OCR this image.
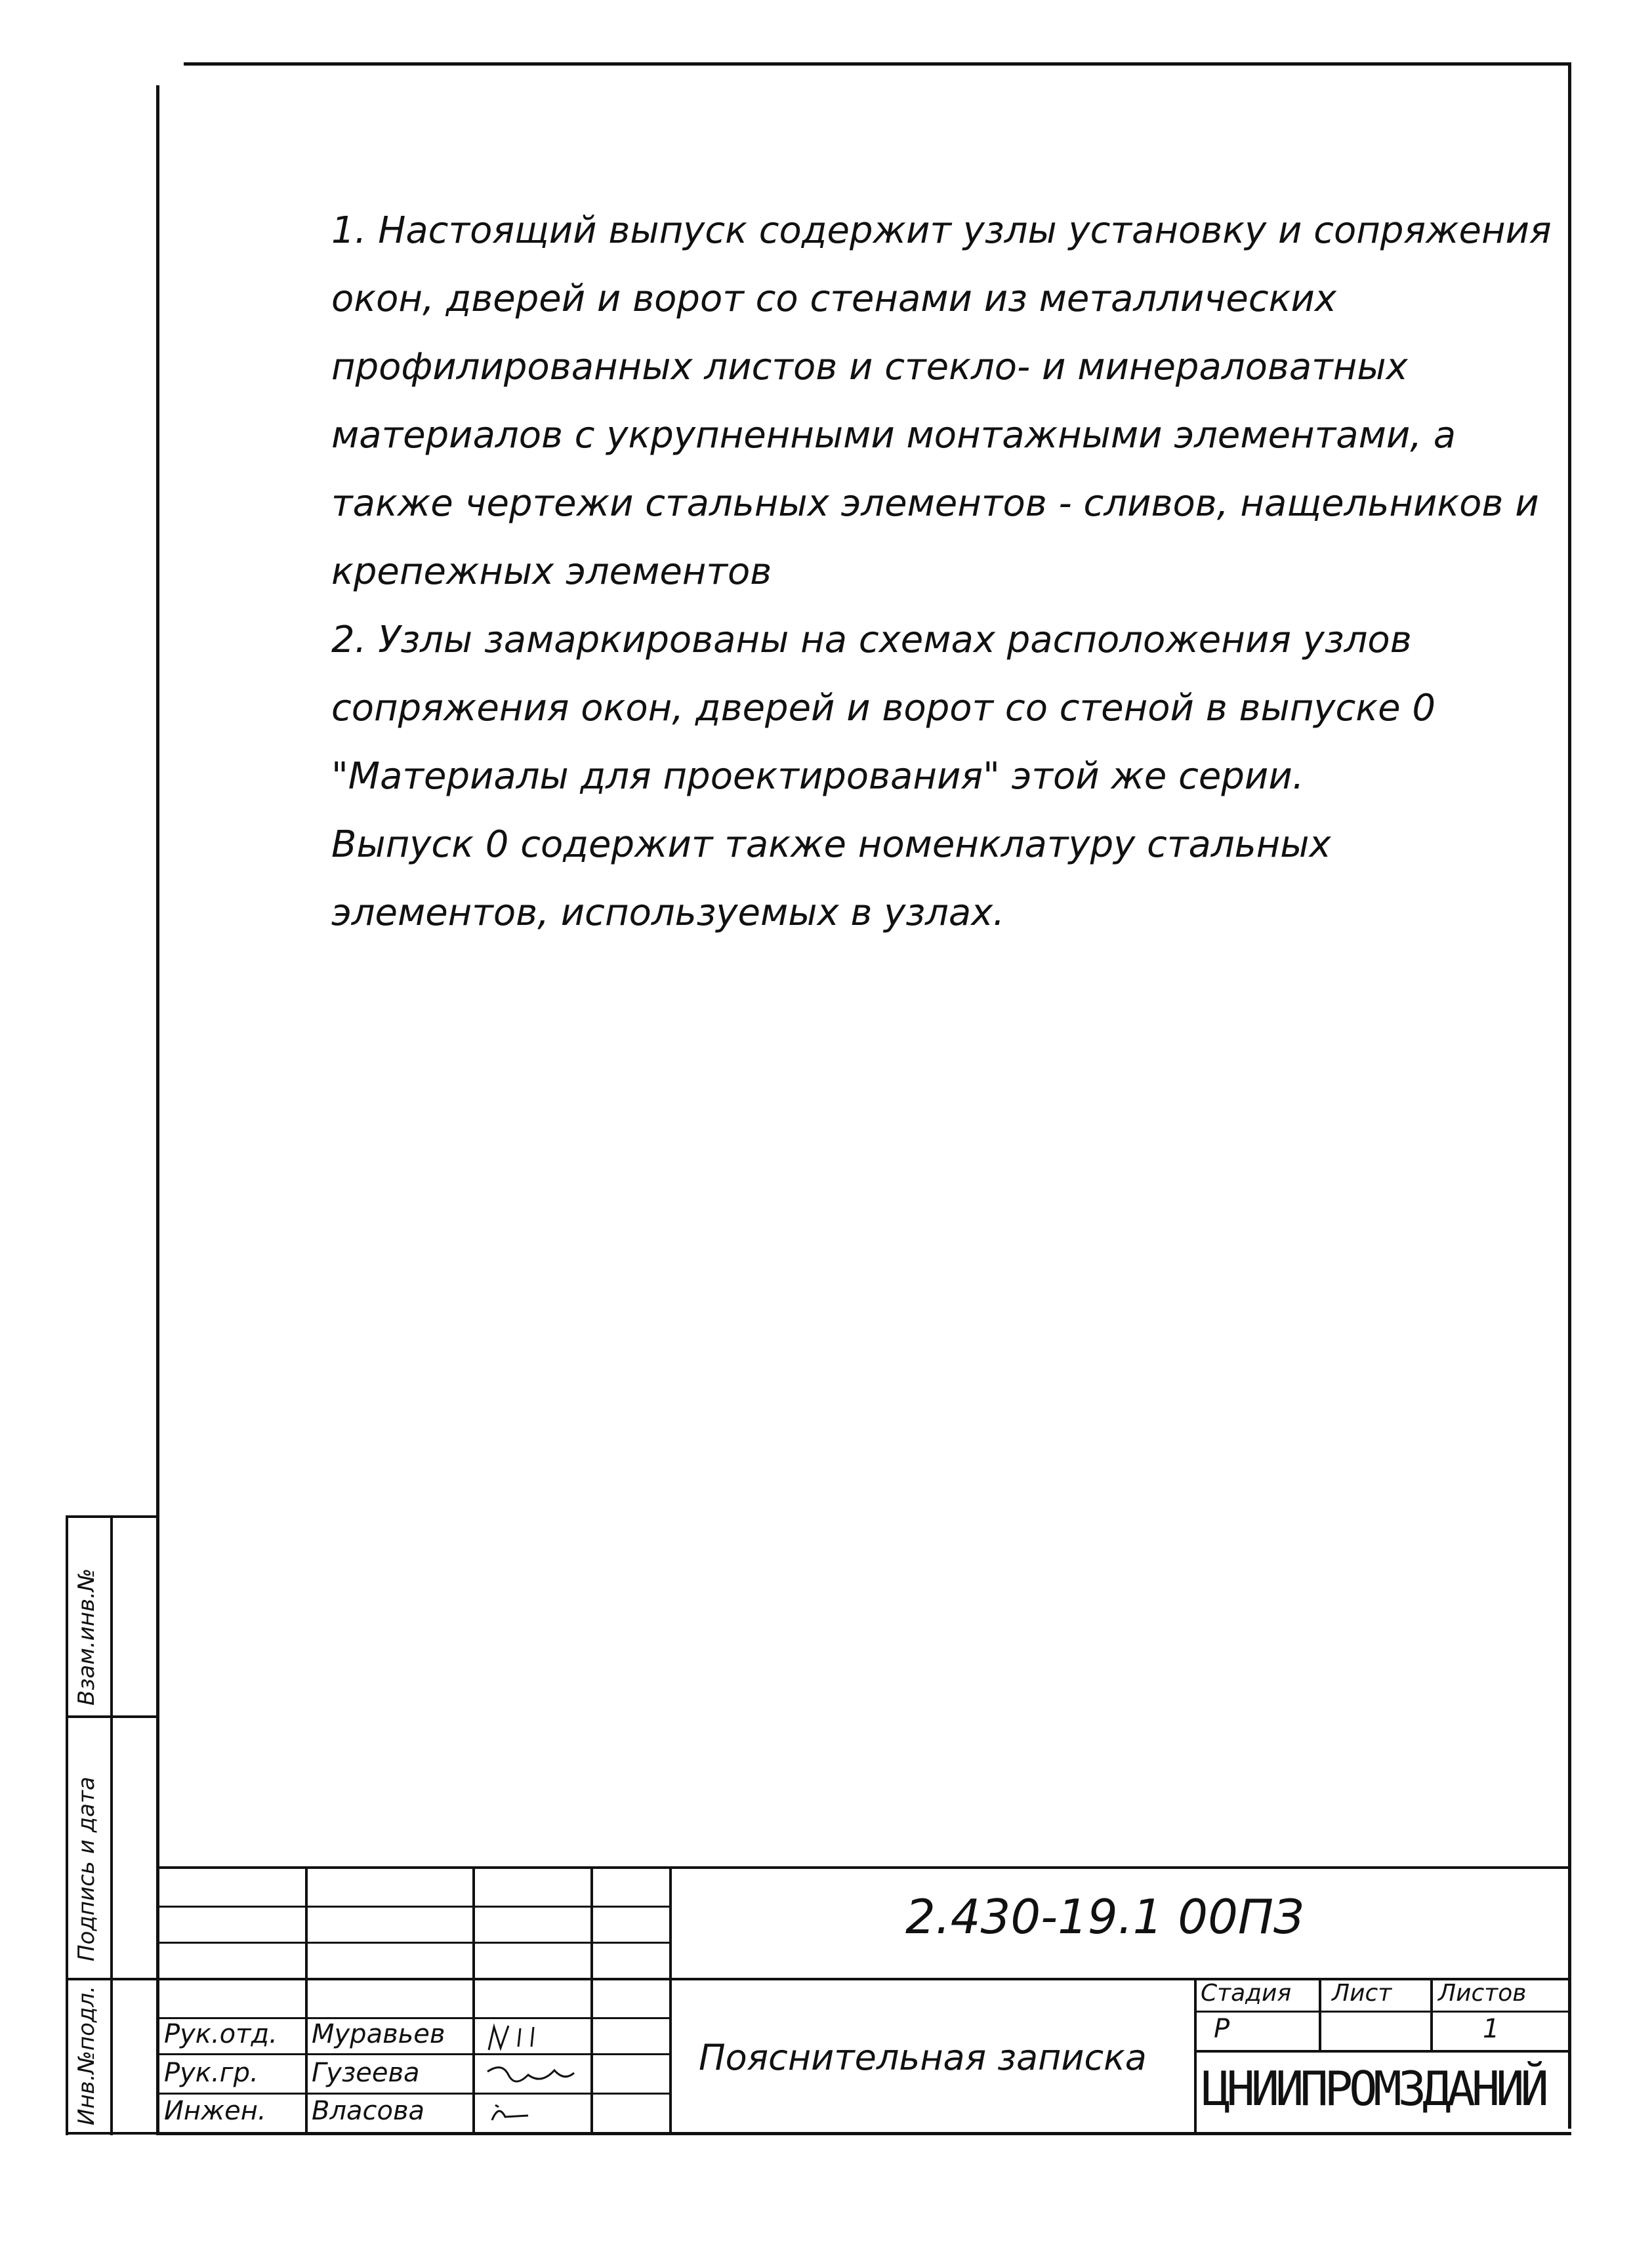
1. Настоящий выпуск содержит узлы установку и сопряжения окон, дверей и ворот со стенами из металлических профилированных листов и стекло- и минераловатных материалов с укрупненными монтажными элементами, а также чертежи стальных элементов - сливов, нащельников и крепежных элементов

2. Узлы замаркированы на схемах расположения узлов сопряжения окон, дверей и ворот со стеной в выпуске 0 "Материалы для проектирования" этой же серии.

Выпуск 0 содержит также номенклатуру стальных элементов, используемых в узлах.

Взам.инв.№
Подпись и дата
Инв.№подл.
2.430-19.1 00ПЗ
Пояснительная записка
Стадия Лист Листов
Р	1
ЦНИИПРОМЗДАНИЙ
Рук.отд.
Рук.гр.
Инжен.
Муравьев
Гузеева
Власова
